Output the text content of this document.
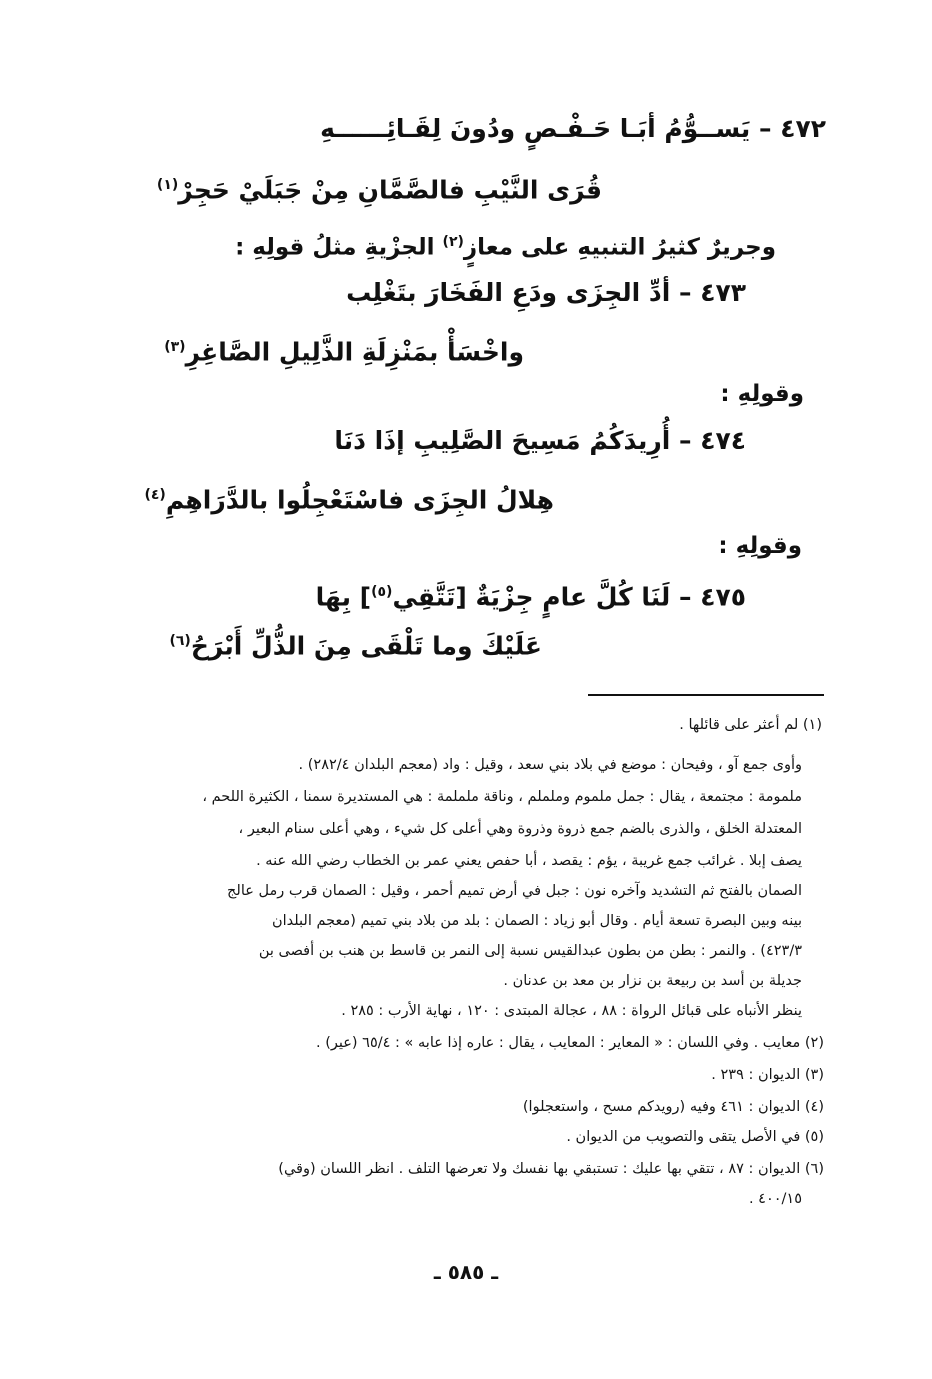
٤٧٢ – يَســوُّمُ أبَـا حَـفْـصٍ ودُونَ لِقَـائِــــــهِ
قُرَى النَّيْبِ فالصَّمَّانِ مِنْ جَبَلَيْ حَجِرْ$^{(١)}$
وجريرٌ كثيرُ التنبيهِ على معازٍ$^{(٢)}$ الجزْيةِ مثلُ قولِهِ :
٤٧٣ – أدِّ الجِزَى ودَعِ الفَخَارَ بتَغْلِب
واخْسَأْ بمَنْزِلَةِ الذَّلِيلِ الصَّاغِرِ$^{(٣)}$
وقولِهِ :
٤٧٤ – أُرِيدَكُمُ مَسِيحَ الصَّلِيبِ إذَا دَنَا
هِلالُ الجِزَى فاسْتَعْجِلُوا بالدَّرَاهِمِ$^{(٤)}$
وقولِهِ :
٤٧٥ – لَنَا كُلَّ عامٍ جِزْيَةٌ [تَتَّقِي$^{(٥)}$] بِهَا
عَلَيْكَ وما تَلْقَى مِنَ الذُّلِّ أَبْرَحُ$^{(٦)}$
(١) لم أعثر على قائلها .
وأوى جمع آو ، وفيحان : موضع في بلاد بني سعد ، وقيل : واد (معجم البلدان ٢٨٢/٤) .
ملمومة : مجتمعة ، يقال : جمل ملموم وململم ، وناقة ململمة : هي المستديرة سمنا ، الكثيرة اللحم ،
المعتدلة الخلق ، والذرى بالضم جمع ذروة وذروة وهي أعلى كل شيء ، وهي أعلى سنام البعير ،
يصف إبلا . غرائب جمع غريبة ، يؤم : يقصد ، أبا حفص يعني عمر بن الخطاب رضي الله عنه .
الصمان بالفتح ثم التشديد وآخره نون : جبل في أرض تميم أحمر ، وقيل : الصمان قرب رمل عالج
بينه وبين البصرة تسعة أيام . وقال أبو زياد : الصمان : بلد من بلاد بني تميم (معجم البلدان
٤٢٣/٣) . والنمر : بطن من بطون عبدالقيس نسبة إلى النمر بن قاسط بن هنب بن أفصى بن
جديلة بن أسد بن ربيعة بن نزار بن معد بن عدنان .
ينظر الأنباه على قبائل الرواة : ٨٨ ، عجالة المبتدى : ١٢٠ ، نهاية الأرب : ٢٨٥ .
(٢) معايب . وفي اللسان : « المعاير : المعايب ، يقال : عاره إذا عابه » : ٦٥/٤ (عير) .
(٣) الديوان : ٢٣٩ .
(٤) الديوان : ٤٦١ وفيه (رويدكم مسح ، واستعجلوا)
(٥) في الأصل يتقى والتصويب من الديوان .
(٦) الديوان : ٨٧ ، تتقي بها عليك : تستبقي بها نفسك ولا تعرضها التلف . انظر اللسان (وقي)
٤٠٠/١٥ .
ـ ٥٨٥ ـ
